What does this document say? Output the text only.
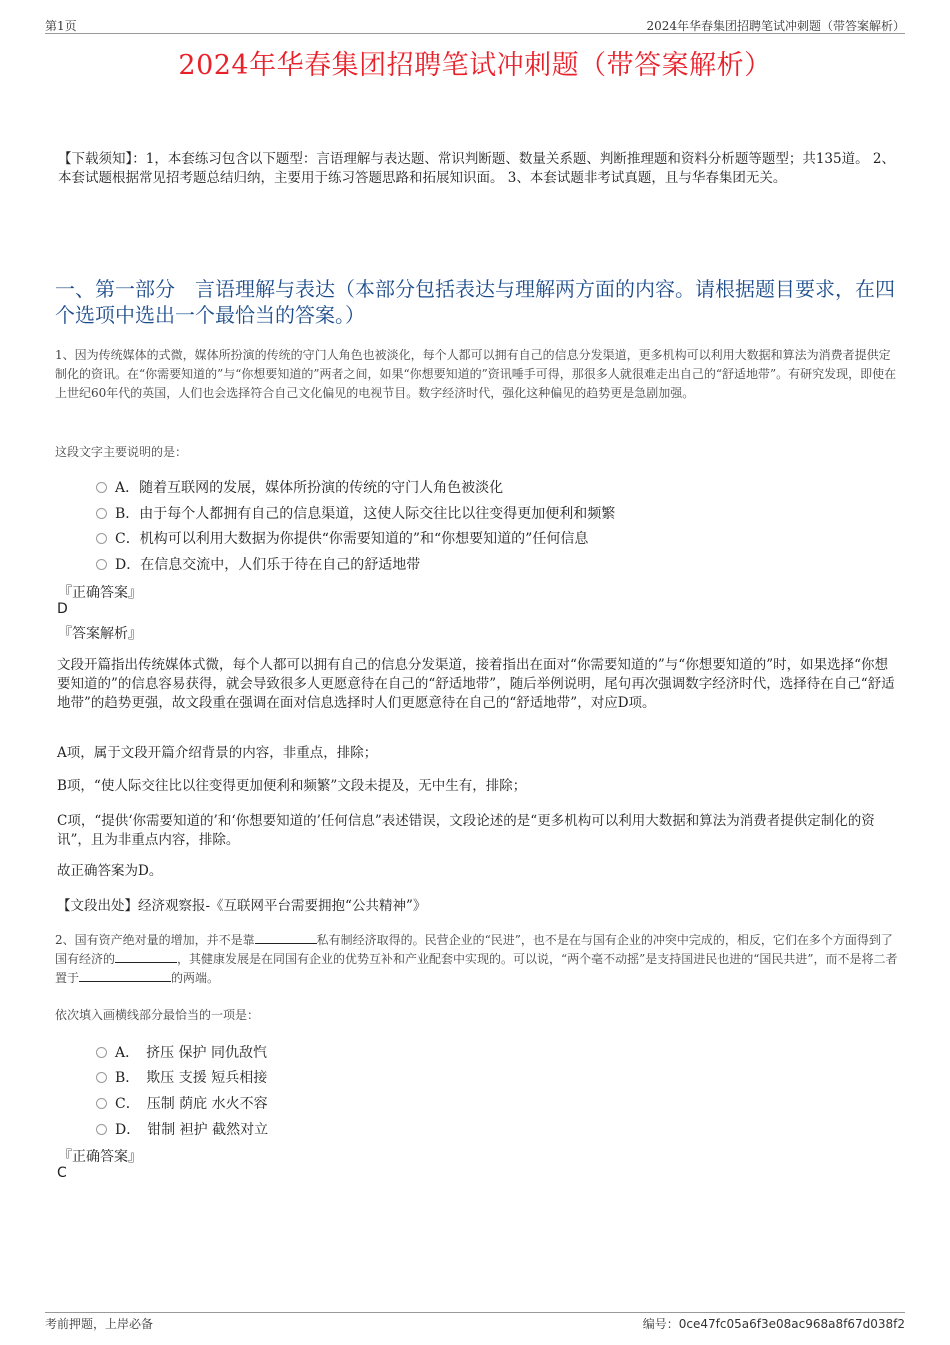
第1页	2024年华春集团招聘笔试冲刺题（带答案解析）
2024年华春集团招聘笔试冲刺题（带答案解析）
【下载须知】：1，本套练习包含以下题型：言语理解与表达题、常识判断题、数量关系题、判断推理题和资料分析题等题型；共135道。 2、本套试题根据常见招考题总结归纳，主要用于练习答题思路和拓展知识面。 3、本套试题非考试真题，且与华春集团无关。
一、第一部分　言语理解与表达（本部分包括表达与理解两方面的内容。请根据题目要求，在四个选项中选出一个最恰当的答案。）
1、因为传统媒体的式微，媒体所扮演的传统的守门人角色也被淡化，每个人都可以拥有自己的信息分发渠道，更多机构可以利用大数据和算法为消费者提供定制化的资讯。在“你需要知道的”与“你想要知道的”两者之间，如果“你想要知道的”资讯唾手可得，那很多人就很难走出自己的“舒适地带”。有研究发现，即使在上世纪60年代的英国，人们也会选择符合自己文化偏见的电视节目。数字经济时代，强化这种偏见的趋势更是急剧加强。
这段文字主要说明的是：
A．随着互联网的发展，媒体所扮演的传统的守门人角色被淡化
B．由于每个人都拥有自己的信息渠道，这使人际交往比以往变得更加便利和频繁
C．机构可以利用大数据为你提供“你需要知道的”和“你想要知道的”任何信息
D．在信息交流中，人们乐于待在自己的舒适地带
『正确答案』
D
『答案解析』
文段开篇指出传统媒体式微，每个人都可以拥有自己的信息分发渠道，接着指出在面对“你需要知道的”与“你想要知道的”时，如果选择“你想要知道的”的信息容易获得，就会导致很多人更愿意待在自己的“舒适地带”，随后举例说明，尾句再次强调数字经济时代，选择待在自己“舒适地带”的趋势更强，故文段重在强调在面对信息选择时人们更愿意待在自己的“舒适地带”，对应D项。
A项，属于文段开篇介绍背景的内容，非重点，排除；
B项，“使人际交往比以往变得更加便利和频繁”文段未提及，无中生有，排除；
C项，“提供‘你需要知道的’和‘你想要知道的’任何信息”表述错误，文段论述的是“更多机构可以利用大数据和算法为消费者提供定制化的资讯”，且为非重点内容，排除。
故正确答案为D。
【文段出处】经济观察报-《互联网平台需要拥抱“公共精神”》
2、国有资产绝对量的增加，并不是靠	私有制经济取得的。民营企业的“民进”，也不是在与国有企业的冲突中完成的，相反，它们在多个方面得到了国有经济的	，其健康发展是在同国有企业的优势互补和产业配套中实现的。可以说，“两个毫不动摇”是支持国进民也进的“国民共进”，而不是将二者置于	的两端。
依次填入画横线部分最恰当的一项是：
A．　挤压 保护 同仇敌忾
B．　欺压 支援 短兵相接
C．　压制 荫庇 水火不容
D．　钳制 袒护 截然对立
『正确答案』
C
考前押题，上岸必备	编号：0ce47fc05a6f3e08ac968a8f67d038f2
